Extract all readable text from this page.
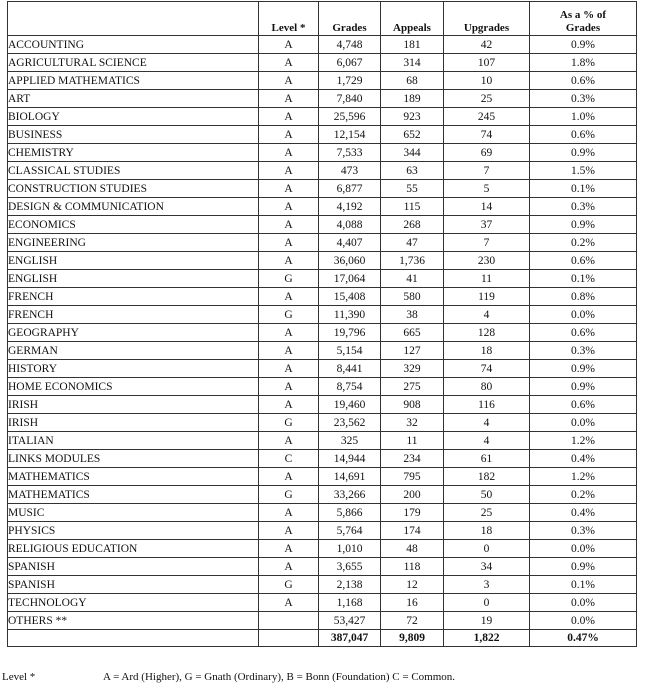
	Level *	Grades	Appeals	Upgrades	As a % of
Grades
ACCOUNTING	A	4,748	181	42	0.9%
AGRICULTURAL SCIENCE	A	6,067	314	107	1.8%
APPLIED MATHEMATICS	A	1,729	68	10	0.6%
ART	A	7,840	189	25	0.3%
BIOLOGY	A	25,596	923	245	1.0%
BUSINESS	A	12,154	652	74	0.6%
CHEMISTRY	A	7,533	344	69	0.9%
CLASSICAL STUDIES	A	473	63	7	1.5%
CONSTRUCTION STUDIES	A	6,877	55	5	0.1%
DESIGN & COMMUNICATION	A	4,192	115	14	0.3%
ECONOMICS	A	4,088	268	37	0.9%
ENGINEERING	A	4,407	47	7	0.2%
ENGLISH	A	36,060	1,736	230	0.6%
ENGLISH	G	17,064	41	11	0.1%
FRENCH	A	15,408	580	119	0.8%
FRENCH	G	11,390	38	4	0.0%
GEOGRAPHY	A	19,796	665	128	0.6%
GERMAN	A	5,154	127	18	0.3%
HISTORY	A	8,441	329	74	0.9%
HOME ECONOMICS	A	8,754	275	80	0.9%
IRISH	A	19,460	908	116	0.6%
IRISH	G	23,562	32	4	0.0%
ITALIAN	A	325	11	4	1.2%
LINKS MODULES	C	14,944	234	61	0.4%
MATHEMATICS	A	14,691	795	182	1.2%
MATHEMATICS	G	33,266	200	50	0.2%
MUSIC	A	5,866	179	25	0.4%
PHYSICS	A	5,764	174	18	0.3%
RELIGIOUS EDUCATION	A	1,010	48	0	0.0%
SPANISH	A	3,655	118	34	0.9%
SPANISH	G	2,138	12	3	0.1%
TECHNOLOGY	A	1,168	16	0	0.0%
OTHERS **		53,427	72	19	0.0%
		387,047	9,809	1,822	0.47%
Level *	A = Ard (Higher), G = Gnath (Ordinary), B = Bonn (Foundation) C = Common.
